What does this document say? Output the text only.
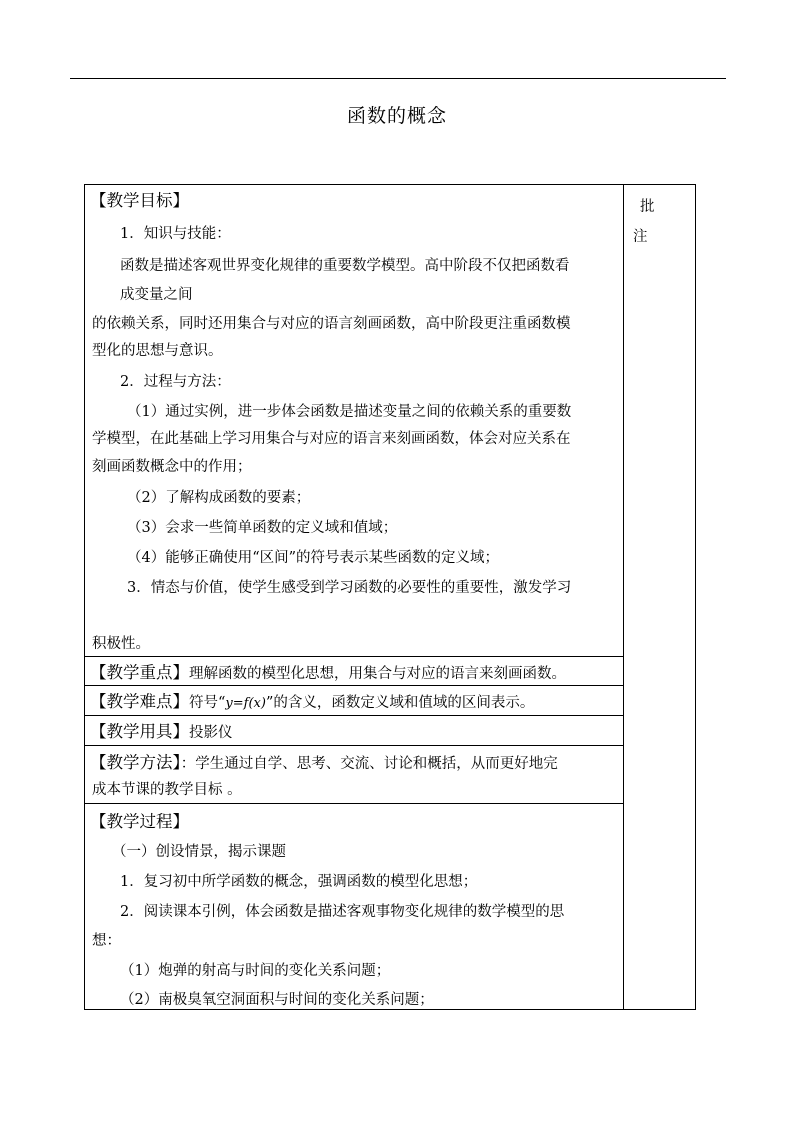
函数的概念
批
注
【教学目标】
1．知识与技能：
函数是描述客观世界变化规律的重要数学模型。高中阶段不仅把函数看
成变量之间
的依赖关系，同时还用集合与对应的语言刻画函数，高中阶段更注重函数模
型化的思想与意识。
2．过程与方法：
（1）通过实例，进一步体会函数是描述变量之间的依赖关系的重要数
学模型，在此基础上学习用集合与对应的语言来刻画函数，体会对应关系在
刻画函数概念中的作用；
（2）了解构成函数的要素；
（3）会求一些简单函数的定义域和值域；
（4）能够正确使用“区间”的符号表示某些函数的定义域；
3．情态与价值，使学生感受到学习函数的必要性的重要性，激发学习
积极性。
【教学重点】理解函数的模型化思想，用集合与对应的语言来刻画函数。
【教学难点】符号“y=f(x)”的含义，函数定义域和值域的区间表示。
【教学用具】投影仪
【教学方法】：学生通过自学、思考、交流、讨论和概括，从而更好地完
成本节课的教学目标 。
【教学过程】
（一）创设情景，揭示课题
1．复习初中所学函数的概念，强调函数的模型化思想；
2．阅读课本引例，体会函数是描述客观事物变化规律的数学模型的思
想：
（1）炮弹的射高与时间的变化关系问题；
（2）南极臭氧空洞面积与时间的变化关系问题；
